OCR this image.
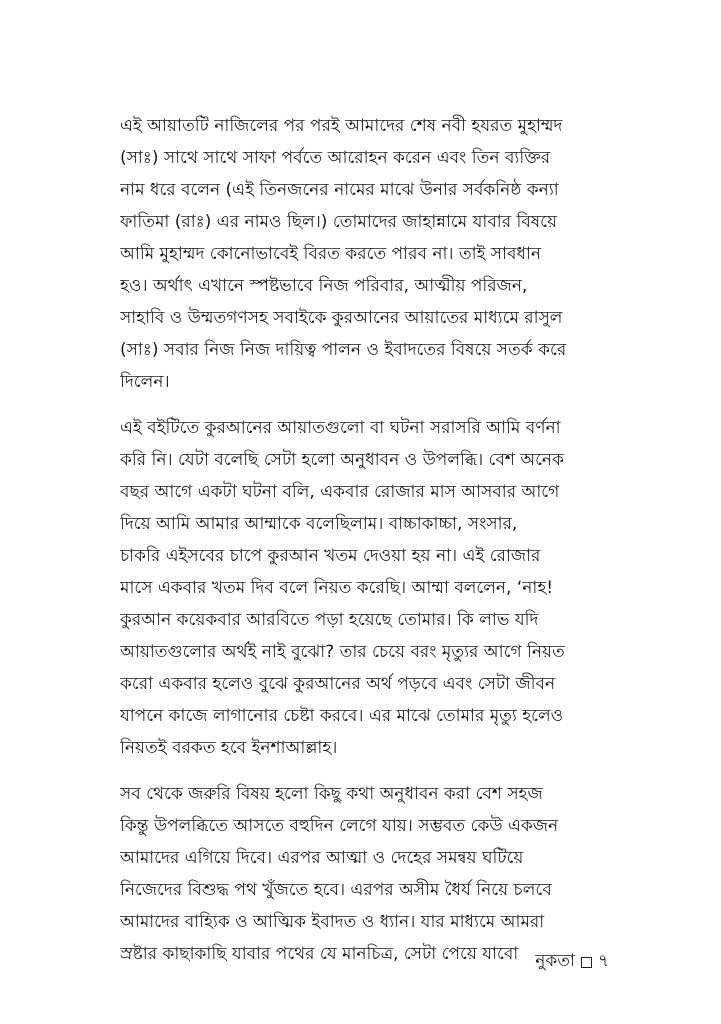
এই আয়াতটি নাজিলের পর পরই আমাদের শেষ নবী হযরত মুহাম্মদ
(সাঃ) সাথে সাথে সাফা পর্বতে আরোহন করেন এবং তিন ব্যক্তির
নাম ধরে বলেন (এই তিনজনের নামের মাঝে উনার সর্বকনিষ্ঠ কন্যা
ফাতিমা (রাঃ) এর নামও ছিল।) তোমাদের জাহান্নামে যাবার বিষয়ে
আমি মুহাম্মদ কোনোভাবেই বিরত করতে পারব না। তাই সাবধান
হও। অর্থাৎ এখানে স্পষ্টভাবে নিজ পরিবার, আত্মীয় পরিজন,
সাহাবি ও উম্মতগণসহ সবাইকে কুরআনের আয়াতের মাধ্যমে রাসুল
(সাঃ) সবার নিজ নিজ দায়িত্ব পালন ও ইবাদতের বিষয়ে সতর্ক করে
দিলেন।

এই বইটিতে কুরআনের আয়াতগুলো বা ঘটনা সরাসরি আমি বর্ণনা
করি নি। যেটা বলেছি সেটা হলো অনুধাবন ও উপলব্ধি। বেশ অনেক
বছর আগে একটা ঘটনা বলি, একবার রোজার মাস আসবার আগে
দিয়ে আমি আমার আম্মাকে বলেছিলাম। বাচ্চাকাচ্চা, সংসার,
চাকরি এইসবের চাপে কুরআন খতম দেওয়া হয় না। এই রোজার
মাসে একবার খতম দিব বলে নিয়ত করেছি। আম্মা বললেন, ‘নাহ!
কুরআন কয়েকবার আরবিতে পড়া হয়েছে তোমার। কি লাভ যদি
আয়াতগুলোর অর্থই নাই বুঝো? তার চেয়ে বরং মৃত্যুর আগে নিয়ত
করো একবার হলেও বুঝে কুরআনের অর্থ পড়বে এবং সেটা জীবন
যাপনে কাজে লাগানোর চেষ্টা করবে। এর মাঝে তোমার মৃত্যু হলেও
নিয়তই বরকত হবে ইনশাআল্লাহ।

সব থেকে জরুরি বিষয় হলো কিছু কথা অনুধাবন করা বেশ সহজ
কিন্তু উপলব্ধিতে আসতে বহুদিন লেগে যায়। সম্ভবত কেউ একজন
আমাদের এগিয়ে দিবে। এরপর আত্মা ও দেহের সমন্বয় ঘটিয়ে
নিজেদের বিশুদ্ধ পথ খুঁজতে হবে। এরপর অসীম ধৈর্য নিয়ে চলবে
আমাদের বাহ্যিক ও আত্মিক ইবাদত ও ধ্যান। যার মাধ্যমে আমরা
স্রষ্টার কাছাকাছি যাবার পথের যে মানচিত্র, সেটা পেয়ে যাবো নুকতা ৭
